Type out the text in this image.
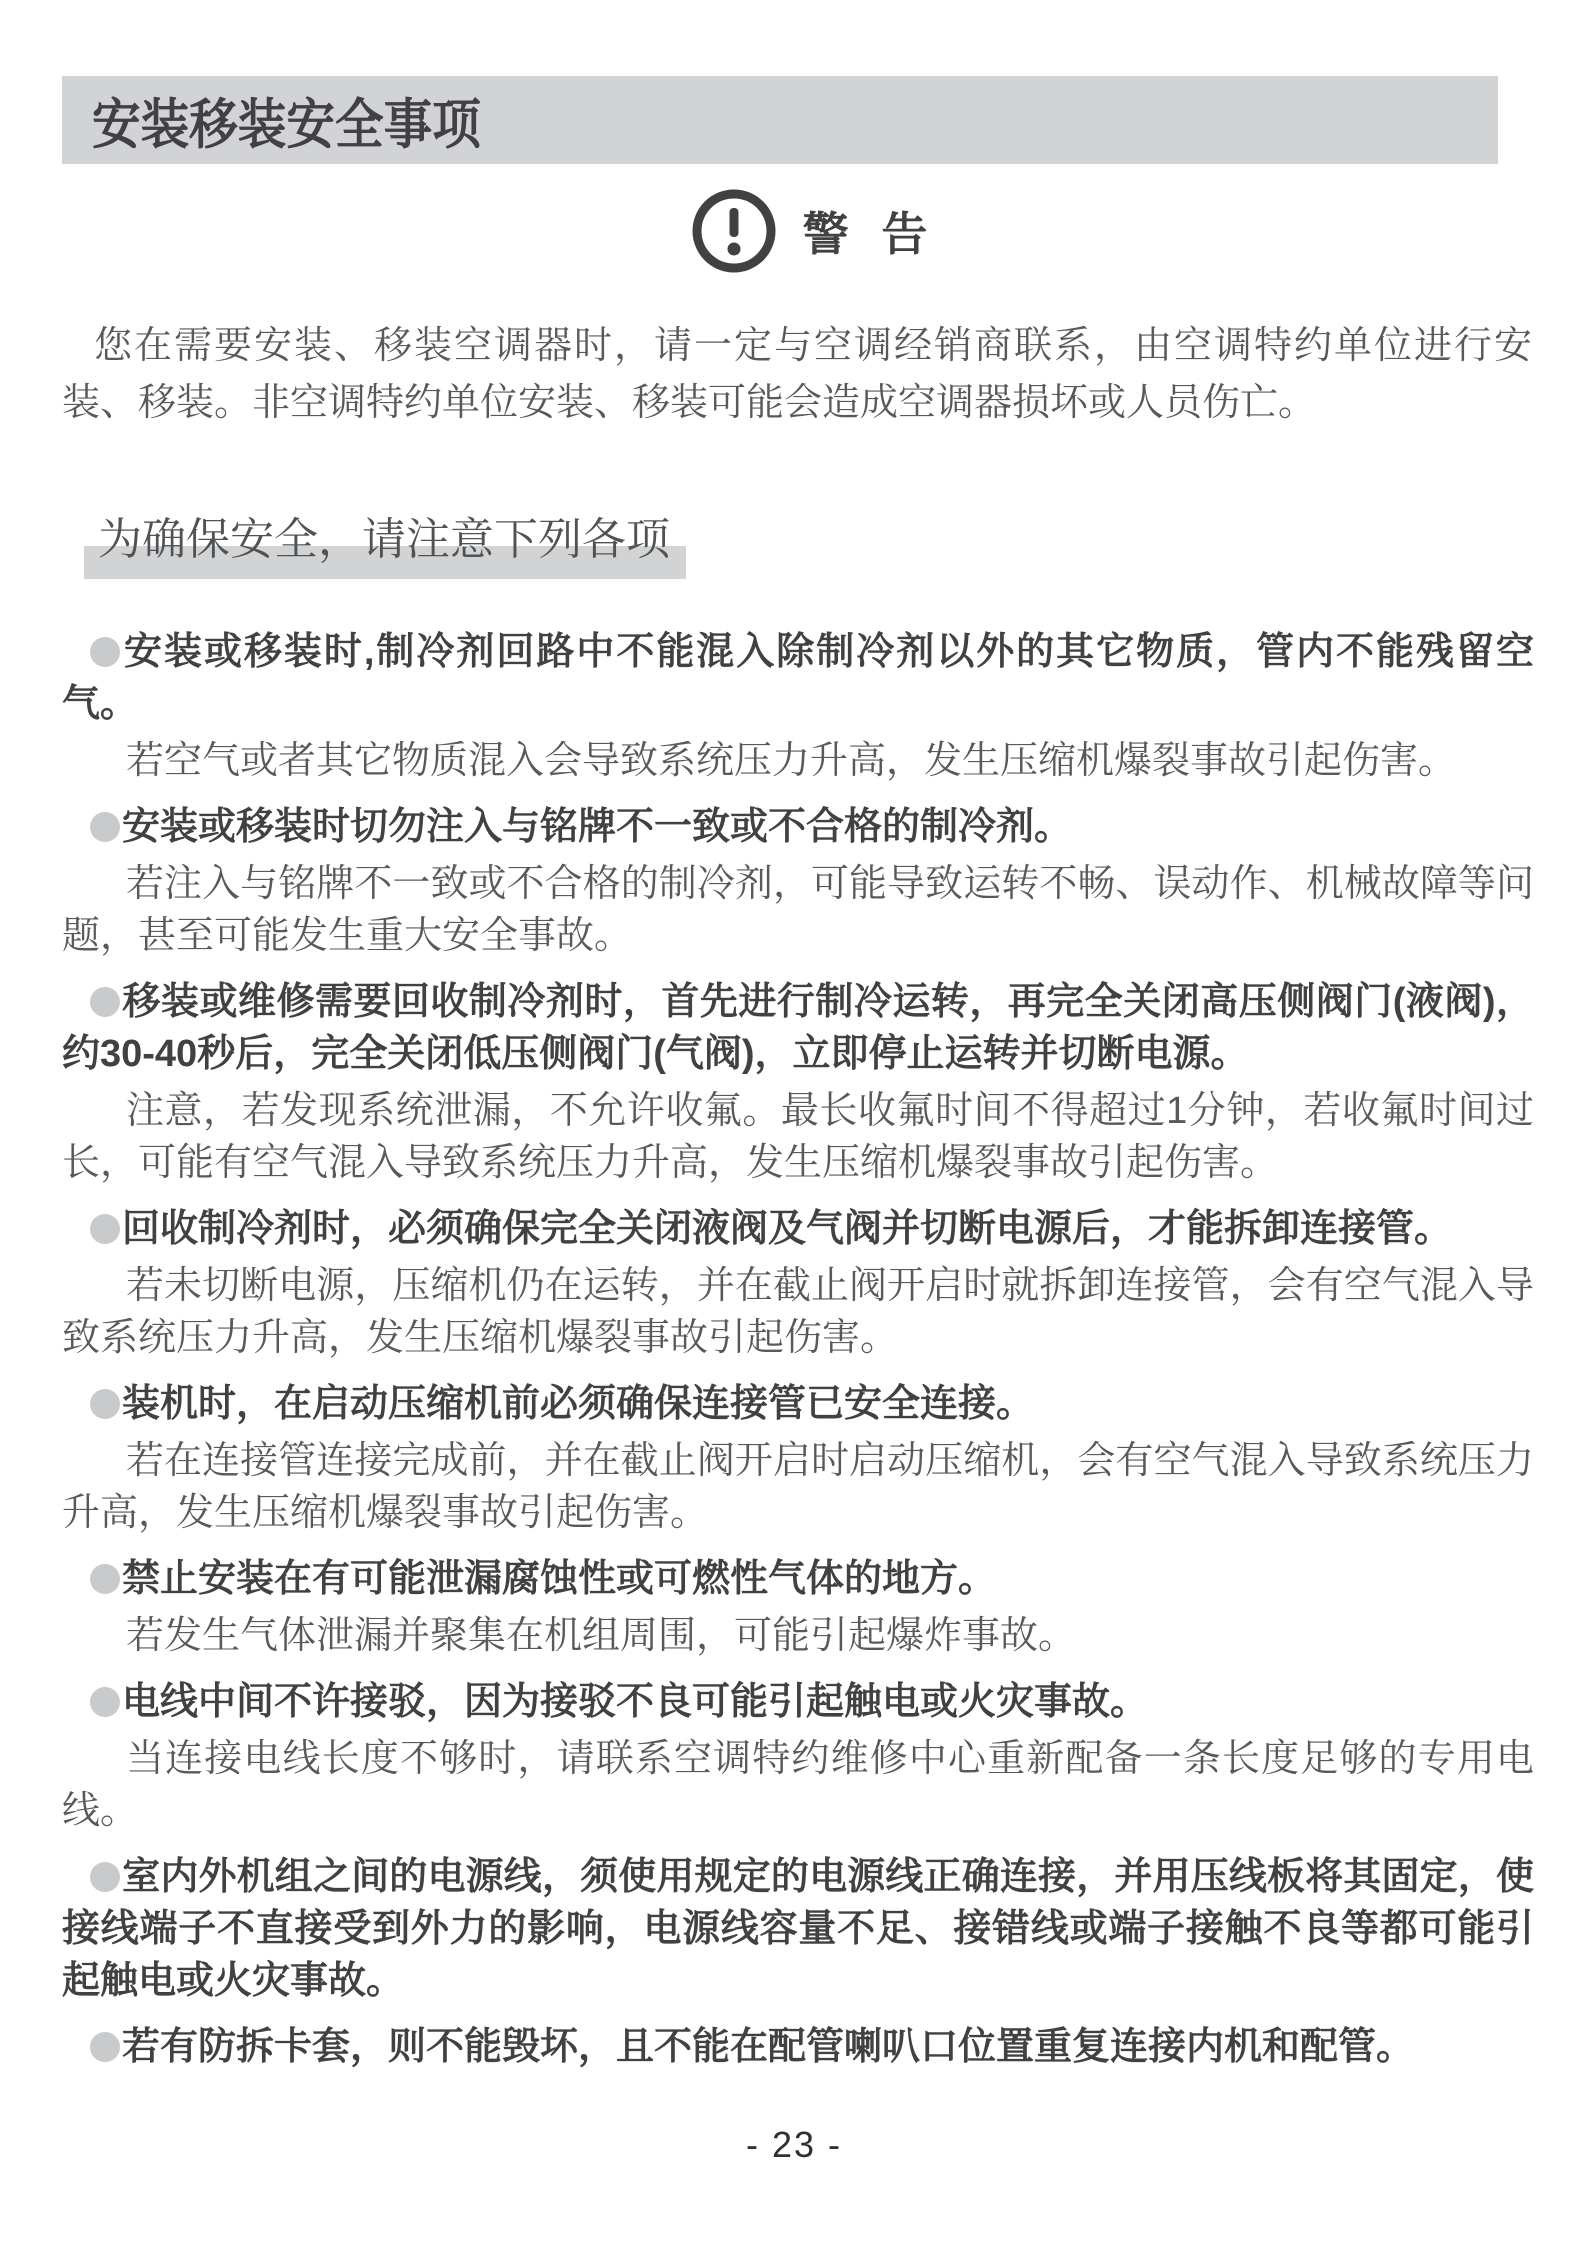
安装移装安全事项
警 告

您在需要安装、移装空调器时，请一定与空调经销商联系，由空调特约单位进行安装、移装。非空调特约单位安装、移装可能会造成空调器损坏或人员伤亡。

为确保安全，请注意下列各项

安装或移装时,制冷剂回路中不能混入除制冷剂以外的其它物质，管内不能残留空气。

若空气或者其它物质混入会导致系统压力升高，发生压缩机爆裂事故引起伤害。

安装或移装时切勿注入与铭牌不一致或不合格的制冷剂。

若注入与铭牌不一致或不合格的制冷剂，可能导致运转不畅、误动作、机械故障等问题，甚至可能发生重大安全事故。

移装或维修需要回收制冷剂时，首先进行制冷运转，再完全关闭高压侧阀门(液阀)，约30-40秒后，完全关闭低压侧阀门(气阀)，立即停止运转并切断电源。

注意，若发现系统泄漏，不允许收氟。最长收氟时间不得超过1分钟，若收氟时间过长，可能有空气混入导致系统压力升高，发生压缩机爆裂事故引起伤害。

回收制冷剂时，必须确保完全关闭液阀及气阀并切断电源后，才能拆卸连接管。

若未切断电源，压缩机仍在运转，并在截止阀开启时就拆卸连接管，会有空气混入导致系统压力升高，发生压缩机爆裂事故引起伤害。

装机时，在启动压缩机前必须确保连接管已安全连接。

若在连接管连接完成前，并在截止阀开启时启动压缩机，会有空气混入导致系统压力升高，发生压缩机爆裂事故引起伤害。

禁止安装在有可能泄漏腐蚀性或可燃性气体的地方。

若发生气体泄漏并聚集在机组周围，可能引起爆炸事故。

电线中间不许接驳，因为接驳不良可能引起触电或火灾事故。

当连接电线长度不够时，请联系空调特约维修中心重新配备一条长度足够的专用电线。

室内外机组之间的电源线，须使用规定的电源线正确连接，并用压线板将其固定，使接线端子不直接受到外力的影响，电源线容量不足、接错线或端子接触不良等都可能引起触电或火灾事故。

若有防拆卡套，则不能毁坏，且不能在配管喇叭口位置重复连接内机和配管。

- 23 -
